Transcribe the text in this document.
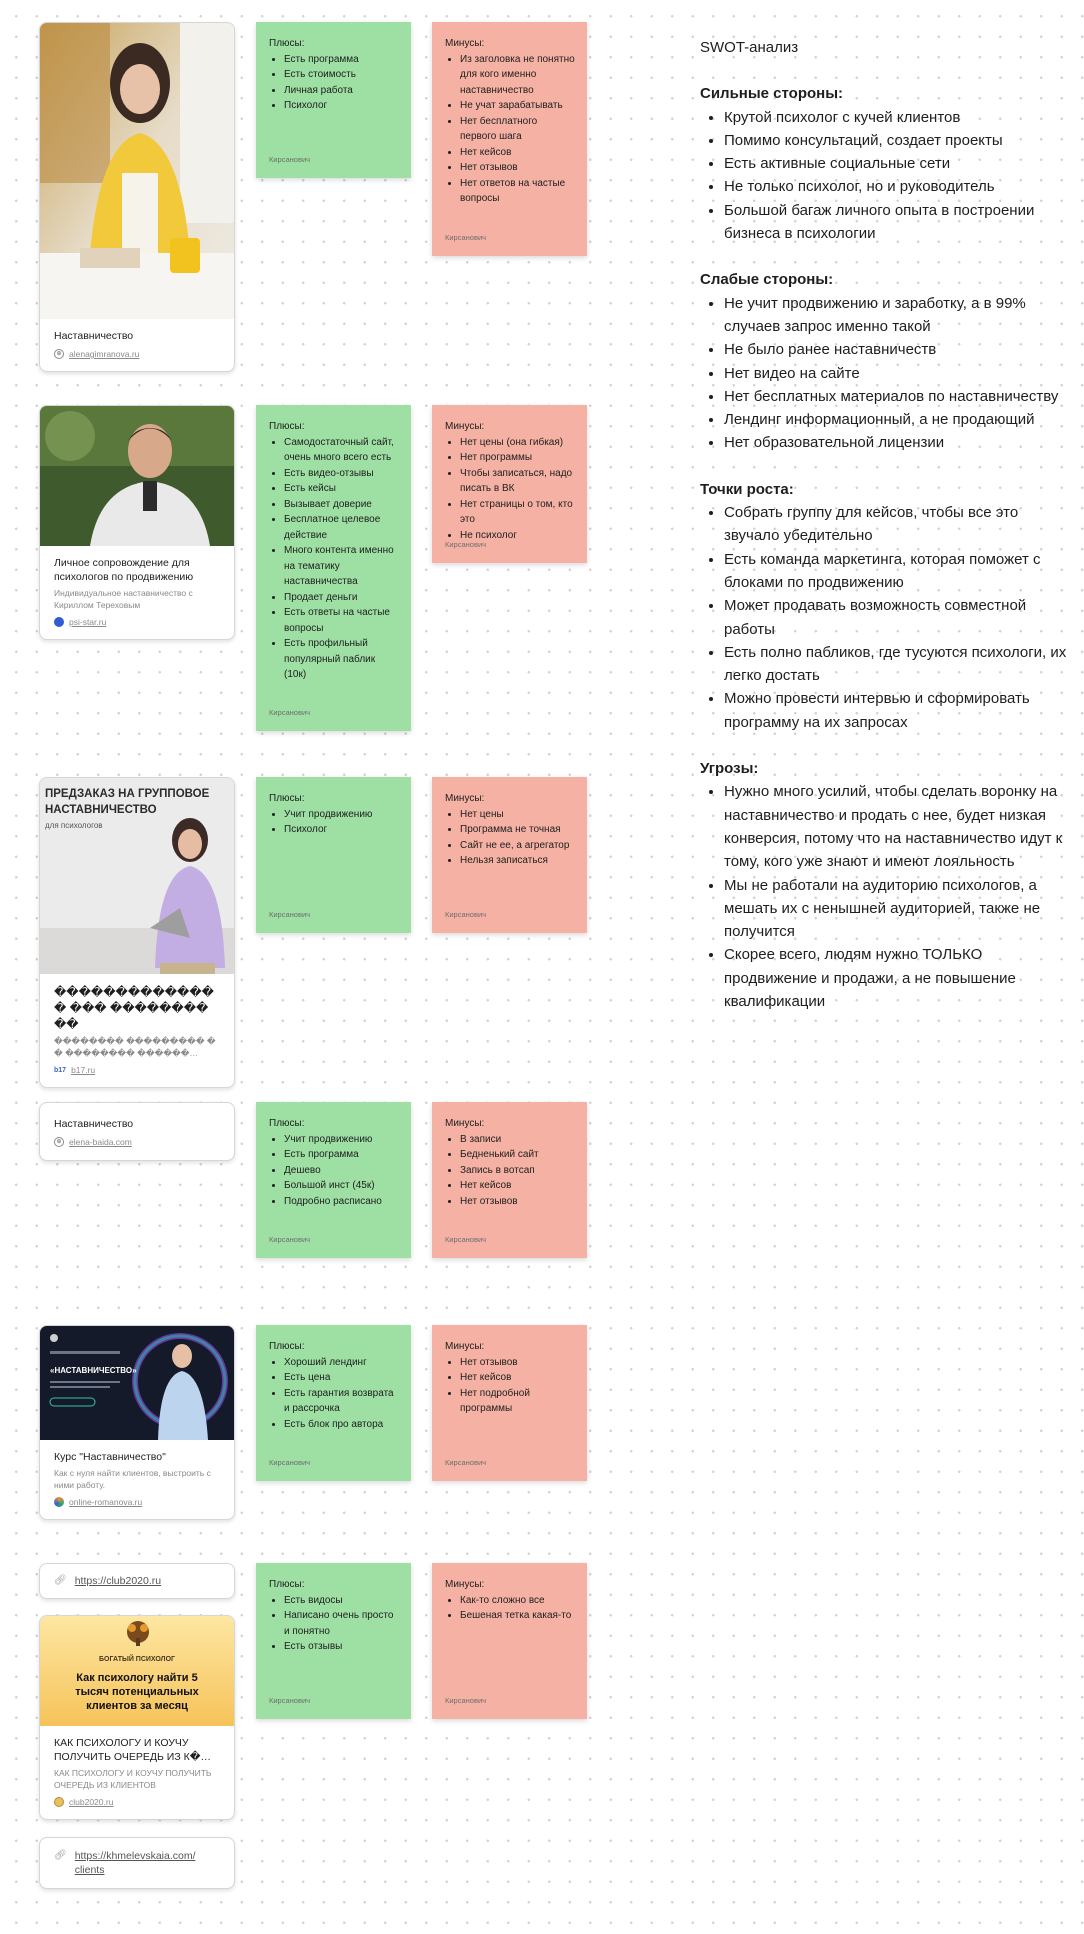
Наставничество
⊕ alenagimranova.ru
Плюсы:
• Есть программа
• Есть стоимость
• Личная работа
• Психолог
Кирсанович
Минусы:
• Из заголовка не понятно для кого именно наставничество
• Не учат зарабатывать
• Нет бесплатного первого шага
• Нет кейсов
• Нет отзывов
• Нет ответов на частые вопросы
Кирсанович
Личное сопровождение для психологов по продвижению
Индивидуальное наставничество с Кириллом Тереховым
psi-star.ru
Плюсы:
• Самодостаточный сайт, очень много всего есть
• Есть видео-отзывы
• Есть кейсы
• Вызывает доверие
• Бесплатное целевое действие
• Много контента именно на тематику наставничества
• Продает деньги
• Есть ответы на частые вопросы
• Есть профильный популярный паблик (10к)
Кирсанович
Минусы:
• Нет цены (она гибкая)
• Нет программы
• Чтобы записаться, надо писать в ВК
• Нет страницы о том, кто это
• Не психолог
Кирсанович
ПРЕДЗАКАЗ НА ГРУППОВОЕ НАСТАВНИЧЕСТВО
для психологов
�������������� ��� ����������
�������� ��������� �� �������� ������…
b17 b17.ru
Плюсы:
• Учит продвижению
• Психолог
Кирсанович
Минусы:
• Нет цены
• Программа не точная
• Сайт не ее, а агрегатор
• Нельзя записаться
Кирсанович
Наставничество
⊕ elena-baida.com
Плюсы:
• Учит продвижению
• Есть программа
• Дешево
• Большой инст (45к)
• Подробно расписано
Кирсанович
Минусы:
• В записи
• Бедненький сайт
• Запись в вотсап
• Нет кейсов
• Нет отзывов
Кирсанович
«НАСТАВНИЧЕСТВО»
Курс "Наставничество"
Как с нуля найти клиентов, выстроить с ними работу.
online-romanova.ru
Плюсы:
• Хороший лендинг
• Есть цена
• Есть гарантия возврата и рассрочка
• Есть блок про автора
Кирсанович
Минусы:
• Нет отзывов
• Нет кейсов
• Нет подробной программы
Кирсанович
🔗︎ https://club2020.ru
БОГАТЫЙ ПСИХОЛОГ
Как психологу найти 5 тысяч потенциальных клиентов за месяц
КАК ПСИХОЛОГУ И КОУЧУ ПОЛУЧИТЬ ОЧЕРЕДЬ ИЗ К�…
КАК ПСИХОЛОГУ И КОУЧУ ПОЛУЧИТЬ ОЧЕРЕДЬ ИЗ КЛИЕНТОВ
club2020.ru
🔗︎ https://khmelevskaia.com/
clients
Плюсы:
• Есть видосы
• Написано очень просто и понятно
• Есть отзывы
Кирсанович
Минусы:
• Как-то сложно все
• Бешеная тетка какая-то
Кирсанович
SWOT-анализ
Сильные стороны:
• Крутой психолог с кучей клиентов
• Помимо консультаций, создает проекты
• Есть активные социальные сети
• Не только психолог, но и руководитель
• Большой багаж личного опыта в построении бизнеса в психологии
Слабые стороны:
• Не учит продвижению и заработку, а в 99% случаев запрос именно такой
• Не было ранее наставничеств
• Нет видео на сайте
• Нет бесплатных материалов по наставничеству
• Лендинг информационный, а не продающий
• Нет образовательной лицензии
Точки роста:
• Собрать группу для кейсов, чтобы все это звучало убедительно
• Есть команда маркетинга, которая поможет с блоками по продвижению
• Может продавать возможность совместной работы
• Есть полно пабликов, где тусуются психологи, их легко достать
• Можно провести интервью и сформировать программу на их запросах
Угрозы:
• Нужно много усилий, чтобы сделать воронку на наставничество и продать с нее, будет низкая конверсия, потому что на наставничество идут к тому, кого уже знают и имеют лояльность
• Мы не работали на аудиторию психологов, а мешать их с ненышней аудиторией, также не получится
• Скорее всего, людям нужно ТОЛЬКО продвижение и продажи, а не повышение квалификации
